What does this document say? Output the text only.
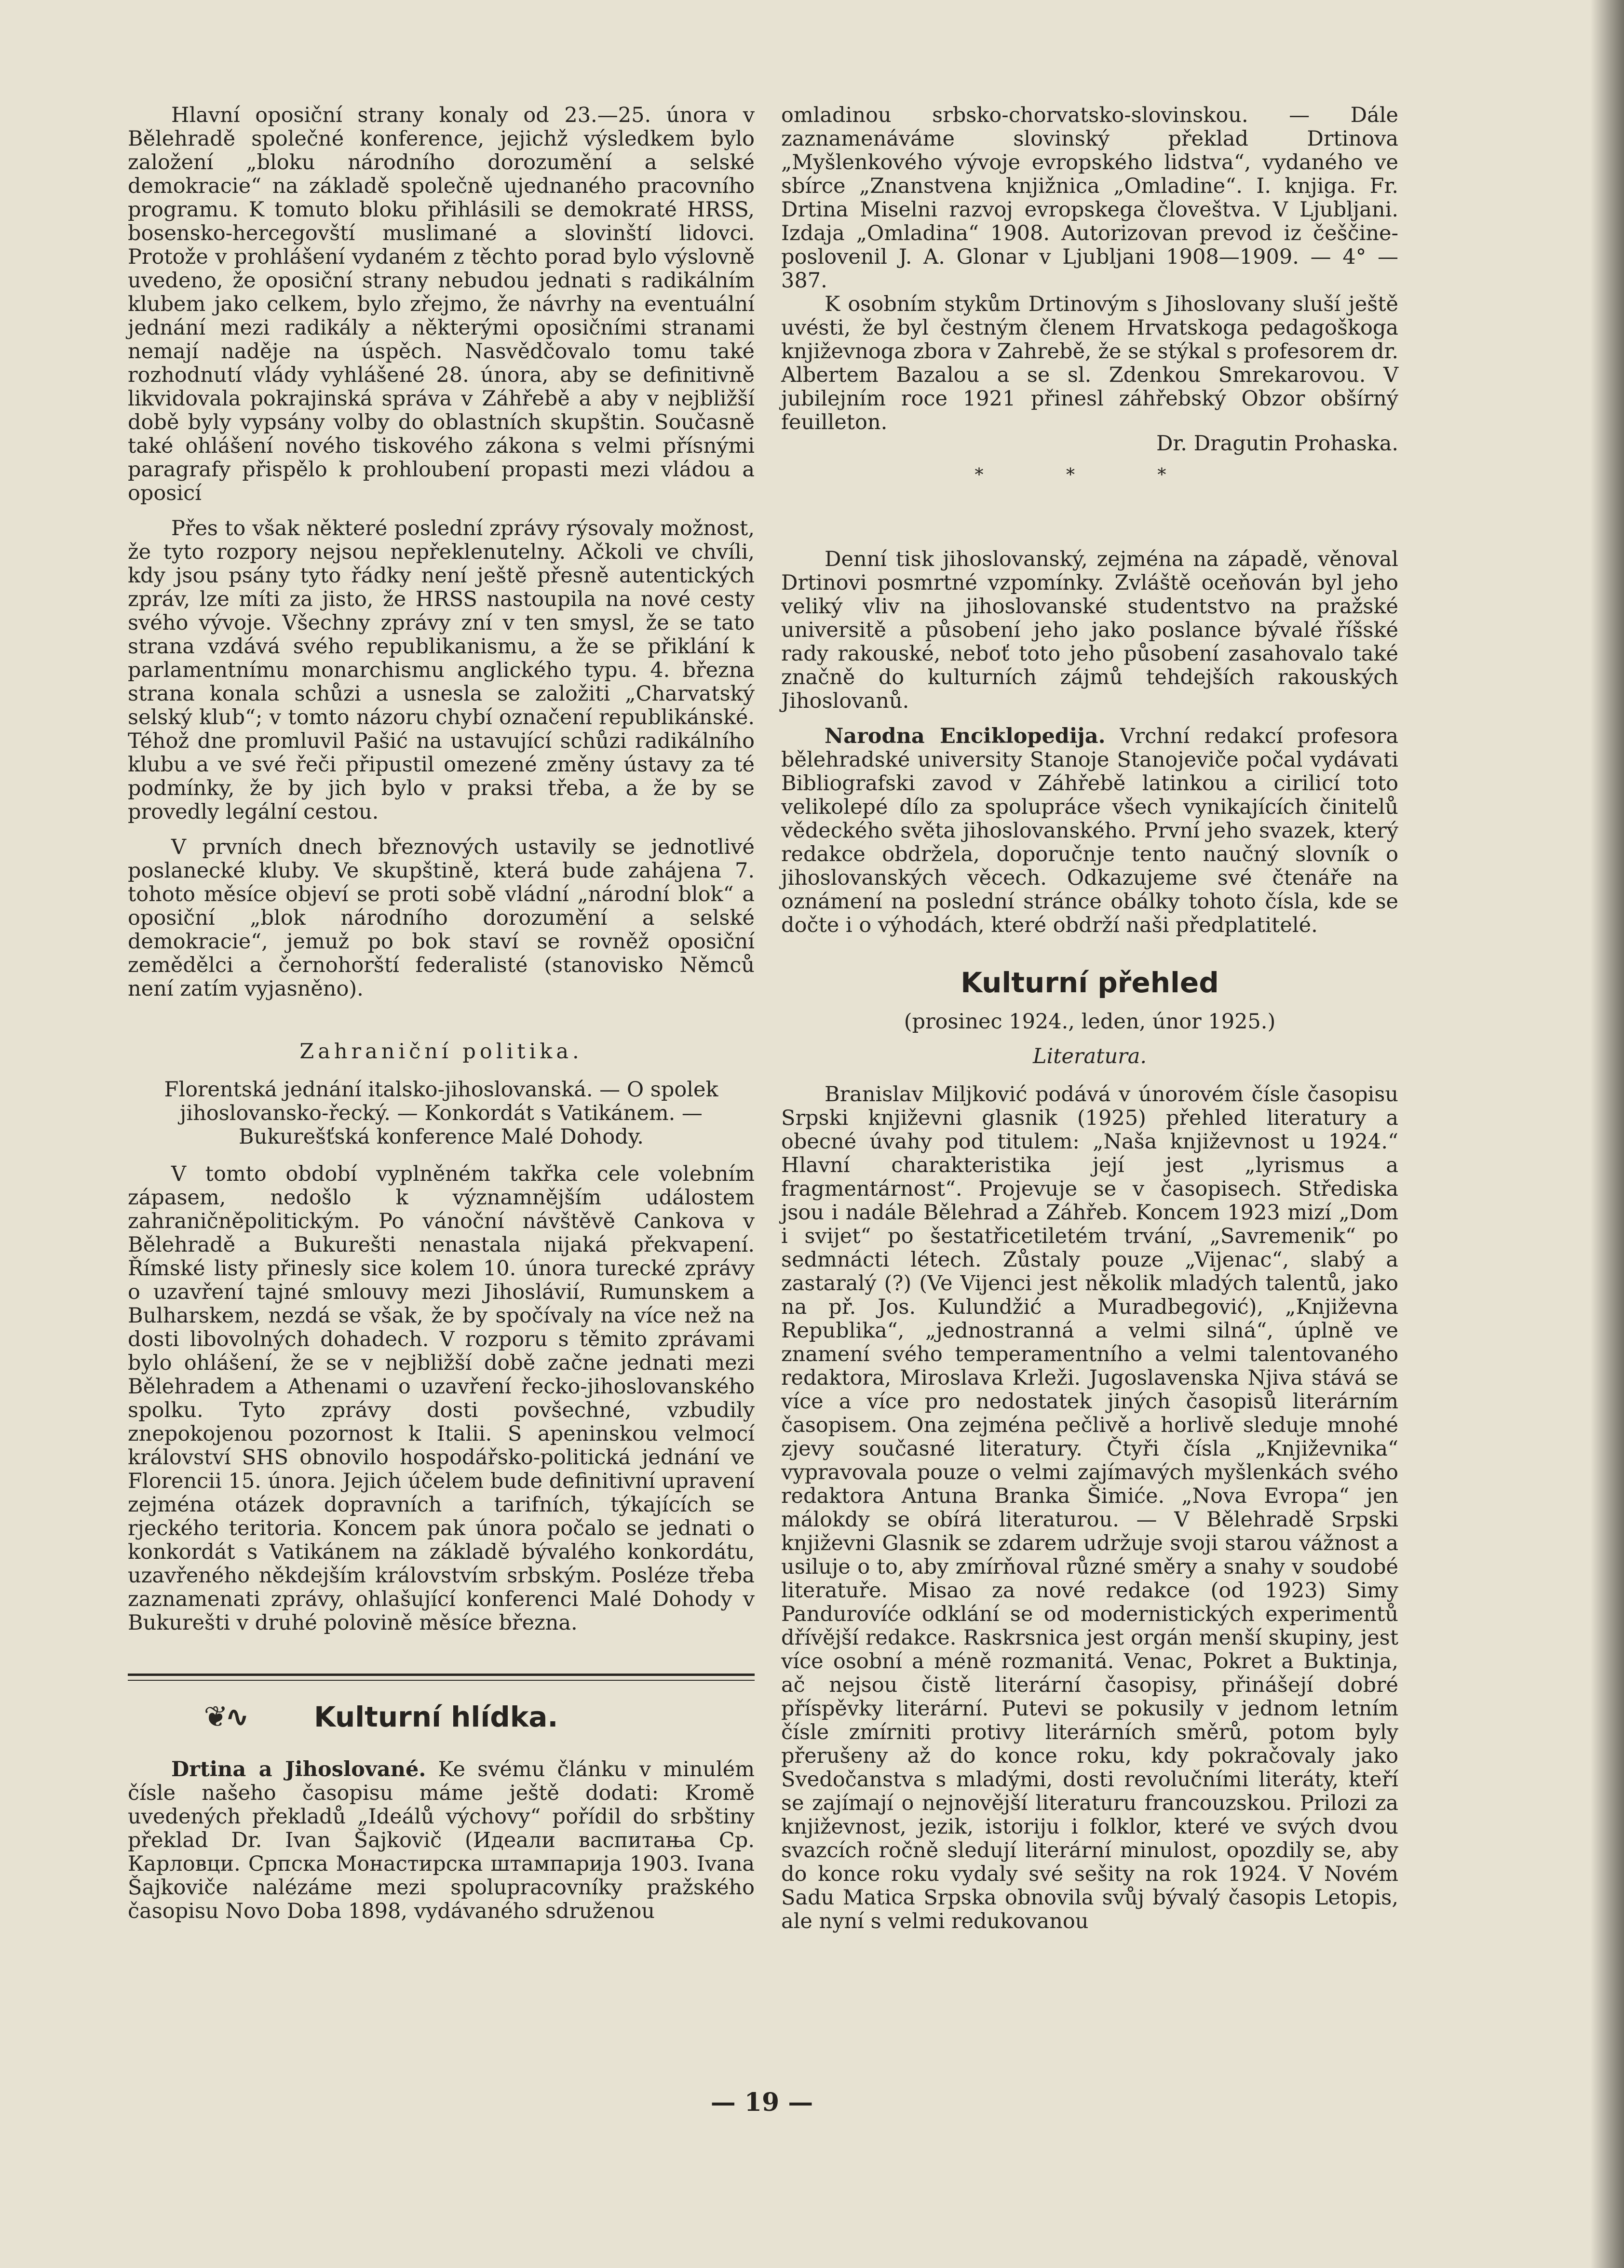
Hlavní oposiční strany konaly od 23.—25. února v Bělehradě společné konference, jejichž výsledkem bylo založení „bloku národního dorozumění a selské demokracie“ na základě společně ujednaného pracovního programu. K tomuto bloku přihlásili se demokraté HRSS, bosensko-hercegovští muslimané a slovinští lidovci. Protože v prohlášení vydaném z těchto porad bylo výslovně uvedeno, že oposiční strany nebudou jednati s radikálním klubem jako celkem, bylo zřejmo, že návrhy na eventuální jednání mezi radikály a některými oposičními stranami nemají naděje na úspěch. Nasvědčovalo tomu také rozhodnutí vlády vyhlášené 28. února, aby se definitivně likvidovala pokrajinská správa v Záhřebě a aby v nejbližší době byly vypsány volby do oblastních skupštin. Současně také ohlášení nového tiskového zákona s velmi přísnými paragrafy přispělo k prohloubení propasti mezi vládou a oposicí

Přes to však některé poslední zprávy rýsovaly možnost, že tyto rozpory nejsou nepřeklenutelny. Ačkoli ve chvíli, kdy jsou psány tyto řádky není ještě přesně autentických zpráv, lze míti za jisto, že HRSS nastoupila na nové cesty svého vývoje. Všechny zprávy zní v ten smysl, že se tato strana vzdává svého republikanismu, a že se přiklání k parlamentnímu monarchismu anglického typu. 4. března strana konala schůzi a usnesla se založiti „Charvatský selský klub“; v tomto názoru chybí označení republikánské. Téhož dne promluvil Pašić na ustavující schůzi radikálního klubu a ve své řeči připustil omezené změny ústavy za té podmínky, že by jich bylo v praksi třeba, a že by se provedly legální cestou.

V prvních dnech březnových ustavily se jednotlivé poslanecké kluby. Ve skupštině, která bude zahájena 7. tohoto měsíce objeví se proti sobě vládní „národní blok“ a oposiční „blok národního dorozumění a selské demokracie“, jemuž po bok staví se rovněž oposiční zemědělci a černohorští federalisté (stanovisko Němců není zatím vyjasněno).

Zahraniční politika.
Florentská jednání italsko-jihoslovanská. — O spolek jihoslovansko-řecký. — Konkordát s Vatikánem. — Bukurešťská konference Malé Dohody.

V tomto období vyplněném takřka cele volebním zápasem, nedošlo k významnějším událostem zahraničněpolitickým. Po vánoční návštěvě Cankova v Bělehradě a Bukurešti nenastala nijaká překvapení. Římské listy přinesly sice kolem 10. února turecké zprávy o uzavření tajné smlouvy mezi Jihoslávií, Rumunskem a Bulharskem, nezdá se však, že by spočívaly na více než na dosti libovolných dohadech. V rozporu s těmito zprávami bylo ohlášení, že se v nejbližší době začne jednati mezi Bělehradem a Athenami o uzavření řecko-jihoslovanského spolku. Tyto zprávy dosti povšechné, vzbudily znepokojenou pozornost k Italii. S apeninskou velmocí království SHS obnovilo hospodářsko-politická jednání ve Florencii 15. února. Jejich účelem bude definitivní upravení zejména otázek dopravních a tarifních, týkajících se rjeckého teritoria. Koncem pak února počalo se jednati o konkordát s Vatikánem na základě bývalého konkordátu, uzavřeného někdejším královstvím srbským. Posléze třeba zaznamenati zprávy, ohlašující konferenci Malé Dohody v Bukurešti v druhé polovině měsíce března.

❦∿ Kulturní hlídka.

Drtina a Jihoslované. Ke svému článku v minulém čísle našeho časopisu máme ještě dodati: Kromě uvedených překladů „Ideálů výchovy“ pořídil do srbštiny překlad Dr. Ivan Šajkovič (Идеали васпитања Ср. Карловци. Српска Монастирска штампарија 1903. Ivana Šajkoviče nalézáme mezi spolupracovníky pražského časopisu Novo Doba 1898, vydávaného sdruženou

omladinou srbsko-chorvatsko-slovinskou. — Dále zaznamenáváme slovinský překlad Drtinova „Myšlenkového vývoje evropského lidstva“, vydaného ve sbírce „Znanstvena knjižnica „Omladine“. I. knjiga. Fr. Drtina Miselni razvoj evropskega človeštva. V Ljubljani. Izdaja „Omladina“ 1908. Autorizovan prevod iz češčine-poslovenil J. A. Glonar v Ljubljani 1908—1909. — 4° — 387.

K osobním stykům Drtinovým s Jihoslovany sluší ještě uvésti, že byl čestným členem Hrvatskoga pedagoškoga književnoga zbora v Zahrebě, že se stýkal s profesorem dr. Albertem Bazalou a se sl. Zdenkou Smrekarovou. V jubilejním roce 1921 přinesl záhřebský Obzor obšírný feuilleton.

Dr. Dragutin Prohaska.
* * *

Denní tisk jihoslovanský, zejména na západě, věnoval Drtinovi posmrtné vzpomínky. Zvláště oceňován byl jeho veliký vliv na jihoslovanské studentstvo na pražské universitě a působení jeho jako poslance bývalé říšské rady rakouské, neboť toto jeho působení zasahovalo také značně do kulturních zájmů tehdejších rakouských Jihoslovanů.

Narodna Enciklopedija. Vrchní redakcí profesora bělehradské university Stanoje Stanojeviče počal vydávati Bibliografski zavod v Záhřebě latinkou a cirilicí toto velikolepé dílo za spolupráce všech vynikajících činitelů vědeckého světa jihoslovanského. První jeho svazek, který redakce obdržela, doporučnje tento naučný slovník o jihoslovanských věcech. Odkazujeme své čtenáře na oznámení na poslední stránce obálky tohoto čísla, kde se dočte i o výhodách, které obdrží naši předplatitelé.

Kulturní přehled
(prosinec 1924., leden, únor 1925.)
Literatura.

Branislav Miljković podává v únorovém čísle časopisu Srpski književni glasnik (1925) přehled literatury a obecné úvahy pod titulem: „Naša književnost u 1924.“ Hlavní charakteristika její jest „lyrismus a fragmentárnost“. Projevuje se v časopisech. Střediska jsou i nadále Bělehrad a Záhřeb. Koncem 1923 mizí „Dom i svijet“ po šestatřicetiletém trvání, „Savremenik“ po sedmnácti létech. Zůstaly pouze „Vijenac“, slabý a zastaralý (?) (Ve Vijenci jest několik mladých talentů, jako na př. Jos. Kulundžić a Muradbegović), „Književna Republika“, „jednostranná a velmi silná“, úplně ve znamení svého temperamentního a velmi talentovaného redaktora, Miroslava Krleži. Jugoslavenska Njiva stává se více a více pro nedostatek jiných časopisů literárním časopisem. Ona zejména pečlivě a horlivě sleduje mnohé zjevy současné literatury. Čtyři čísla „Književnika“ vypravovala pouze o velmi zajímavých myšlenkách svého redaktora Antuna Branka Šimiće. „Nova Evropa“ jen málokdy se obírá literaturou. — V Bělehradě Srpski književni Glasnik se zdarem udržuje svoji starou vážnost a usiluje o to, aby zmírňoval různé směry a snahy v soudobé literatuře. Misao za nové redakce (od 1923) Simy Pandurovíće odklání se od modernistických experimentů dřívější redakce. Raskrsnica jest orgán menší skupiny, jest více osobní a méně rozmanitá. Venac, Pokret a Buktinja, ač nejsou čistě literární časopisy, přinášejí dobré příspěvky literární. Putevi se pokusily v jednom letním čísle zmírniti protivy literárních směrů, potom byly přerušeny až do konce roku, kdy pokračovaly jako Svedočanstva s mladými, dosti revolučními literáty, kteří se zajímají o nejnovější literaturu francouzskou. Prilozi za književnost, jezik, istoriju i folklor, které ve svých dvou svazcích ročně sledují literární minulost, opozdily se, aby do konce roku vydaly své sešity na rok 1924. V Novém Sadu Matica Srpska obnovila svůj bývalý časopis Letopis, ale nyní s velmi redukovanou

— 19 —
